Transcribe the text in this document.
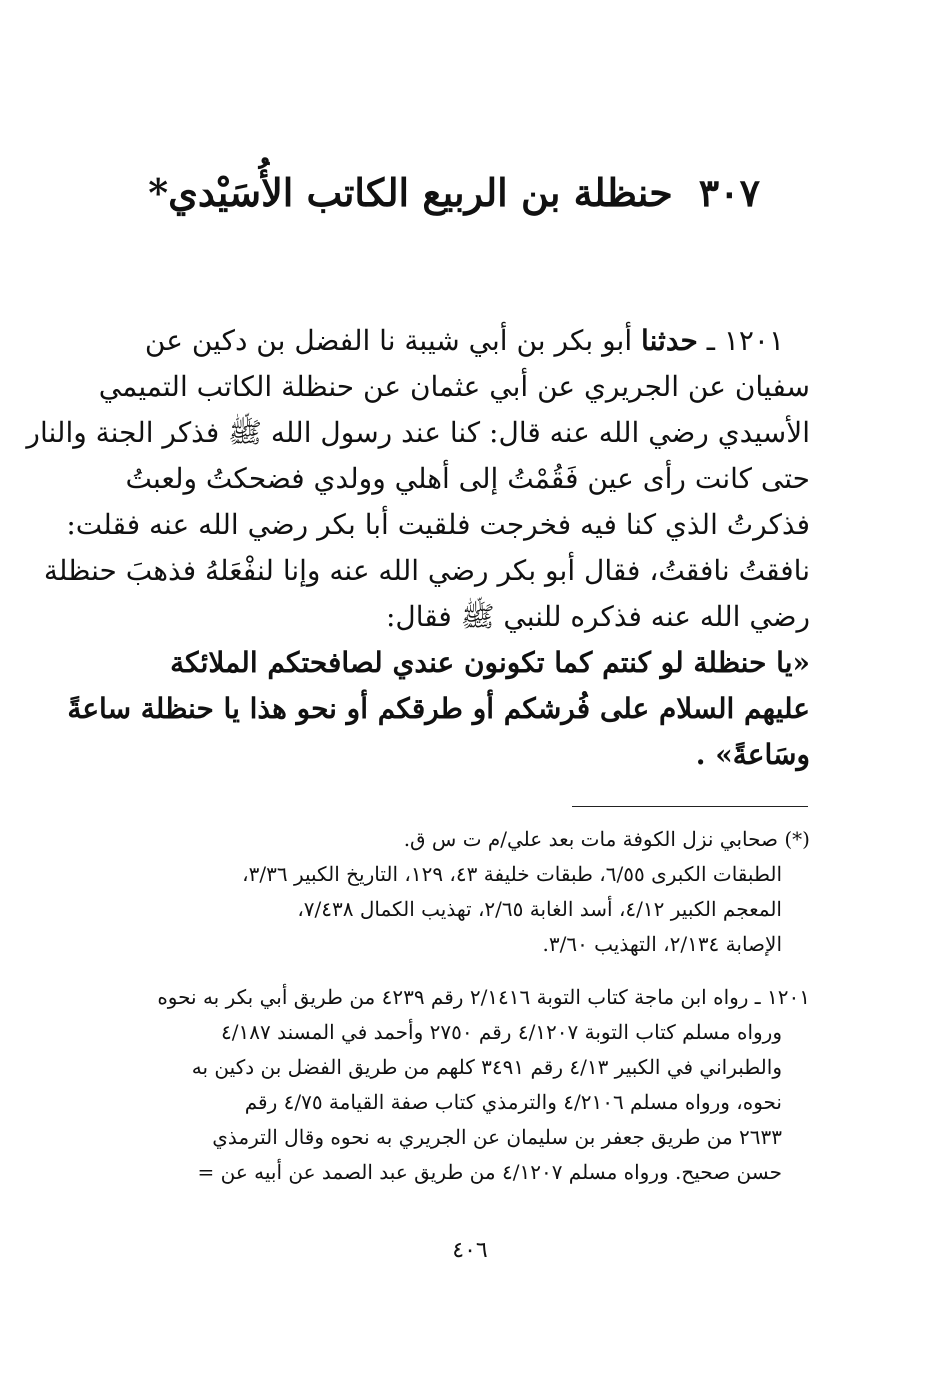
٣٠٧حنظلة بن الربيع الكاتب الأُسَيْدي*
١٢٠١ ـ حدثنا أبو بكر بن أبي شيبة نا الفضل بن دكين عن
سفيان عن الجريري عن أبي عثمان عن حنظلة الكاتب التميمي
الأسيدي رضي الله عنه قال: كنا عند رسول الله ﷺ فذكر الجنة والنار
حتى كانت رأى عين فَقُمْتُ إلى أهلي وولدي فضحكتُ ولعبتُ
فذكرتُ الذي كنا فيه فخرجت فلقيت أبا بكر رضي الله عنه فقلت:
نافقتُ نافقتُ، فقال أبو بكر رضي الله عنه وإنا لنفْعَلهُ فذهبَ حنظلة
رضي الله عنه فذكره للنبي ﷺ فقال:
«يا حنظلة لو كنتم كما تكونون عندي لصافحتكم الملائكة
عليهم السلام على فُرشكم أو طرقكم أو نحو هذا يا حنظلة ساعةً
وسَاعةً» .
(*) صحابي نزل الكوفة مات بعد علي/م ت س ق.
الطبقات الكبرى ٦/٥٥، طبقات خليفة ٤٣، ١٢٩، التاريخ الكبير ٣/٣٦،
المعجم الكبير ٤/١٢، أسد الغابة ٢/٦٥، تهذيب الكمال ٧/٤٣٨،
الإصابة ٢/١٣٤، التهذيب ٣/٦٠.
١٢٠١ ـ رواه ابن ماجة كتاب التوبة ٢/١٤١٦ رقم ٤٢٣٩ من طريق أبي بكر به نحوه
ورواه مسلم كتاب التوبة ٤/١٢٠٧ رقم ٢٧٥٠ وأحمد في المسند ٤/١٨٧
والطبراني في الكبير ٤/١٣ رقم ٣٤٩١ كلهم من طريق الفضل بن دكين به
نحوه، ورواه مسلم ٤/٢١٠٦ والترمذي كتاب صفة القيامة ٤/٧٥ رقم
٢٦٣٣ من طريق جعفر بن سليمان عن الجريري به نحوه وقال الترمذي
حسن صحيح. ورواه مسلم ٤/١٢٠٧ من طريق عبد الصمد عن أبيه عن =
٤٠٦
